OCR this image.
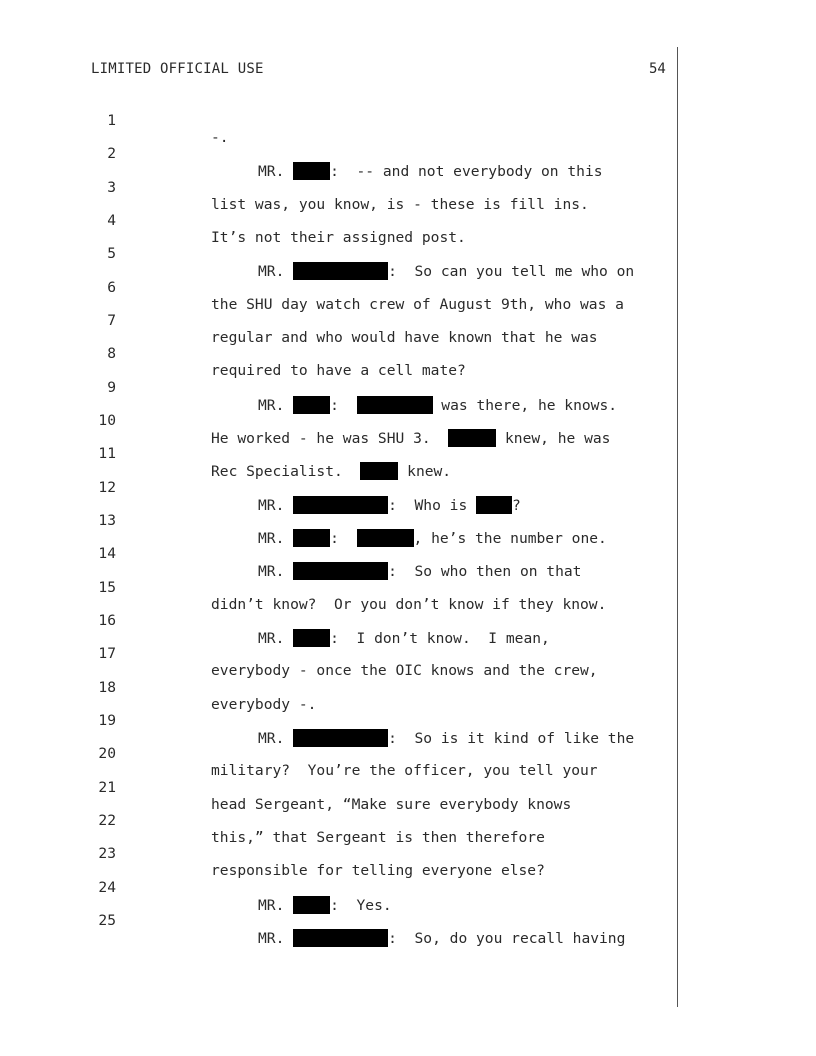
LIMITED OFFICIAL USE	54

1

-.

2

MR.	:  -- and not everybody on this

3

list was, you know, is - these is fill ins.

4

It’s not their assigned post.

5

MR.	:  So can you tell me who on

6

the SHU day watch crew of August 9th, who was a

7

regular and who would have known that he was

8

required to have a cell mate?

9

MR.	:	was there, he knows.

10

He worked - he was SHU 3.	knew, he was

11

Rec Specialist.	knew.

12

MR.	:  Who is ?

13

MR.	:	, he’s the number one.

14

MR.	:  So who then on that

15

didn’t know?  Or you don’t know if they know.

16

MR.	:  I don’t know.  I mean,

17

everybody - once the OIC knows and the crew,

18

everybody -.

19

MR.	:  So is it kind of like the

20

military?  You’re the officer, you tell your

21

head Sergeant, “Make sure everybody knows

22

this,” that Sergeant is then therefore

23

responsible for telling everyone else?

24

MR.	:  Yes.

25

MR.	:  So, do you recall having
